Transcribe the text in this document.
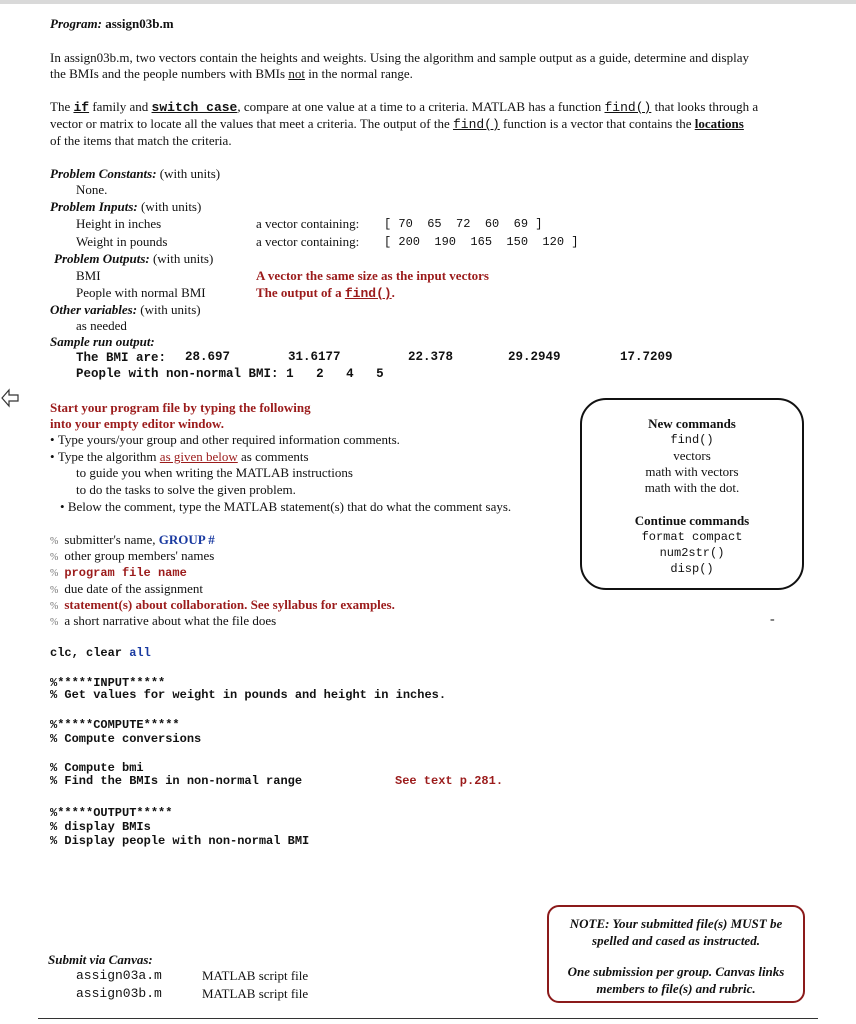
Program: assign03b.m
In assign03b.m, two vectors contain the heights and weights. Using the algorithm and sample output as a guide, determine and display
the BMIs and the people numbers with BMIs not in the normal range.
The if family and switch case, compare at one value at a time to a criteria. MATLAB has a function find() that looks through a
vector or matrix to locate all the values that meet a criteria. The output of the find() function is a vector that contains the locations
of the items that match the criteria.
Problem Constants: (with units)
None.
Problem Inputs: (with units)
Height in inches	a vector containing: [ 70  65  72  60  69 ]
Weight in pounds	a vector containing: [ 200  190  165  150  120 ]
Problem Outputs: (with units)
BMI	A vector the same size as the input vectors
People with normal BMI	The output of a find().
Other variables: (with units)
as needed
Sample run output:
The BMI are: 28.697	31.6177	22.378	29.2949	17.7209
People with non-normal BMI: 1   2   4   5
Start your program file by typing the following
into your empty editor window.
• Type yours/your group and other required information comments.
• Type the algorithm as given below as comments
to guide you when writing the MATLAB instructions
to do the tasks to solve the given problem.
• Below the comment, type the MATLAB statement(s) that do what the comment says.
New commands
find()
vectors
math with vectors
math with the dot.
Continue commands
format compact
num2str()
disp()
-
% submitter's name, GROUP #
% other group members' names
% program file name
% due date of the assignment
% statement(s) about collaboration. See syllabus for examples.
% a short narrative about what the file does
clc, clear all
%*****INPUT*****
% Get values for weight in pounds and height in inches.
%*****COMPUTE*****
% Compute conversions
% Compute bmi
% Find the BMIs in non-normal range	See text p.281.
%*****OUTPUT*****
% display BMIs
% Display people with non-normal BMI
NOTE: Your submitted file(s) MUST be
spelled and cased as instructed.
One submission per group. Canvas links
members to file(s) and rubric.
Submit via Canvas:
assign03a.m	MATLAB script file
assign03b.m	MATLAB script file
